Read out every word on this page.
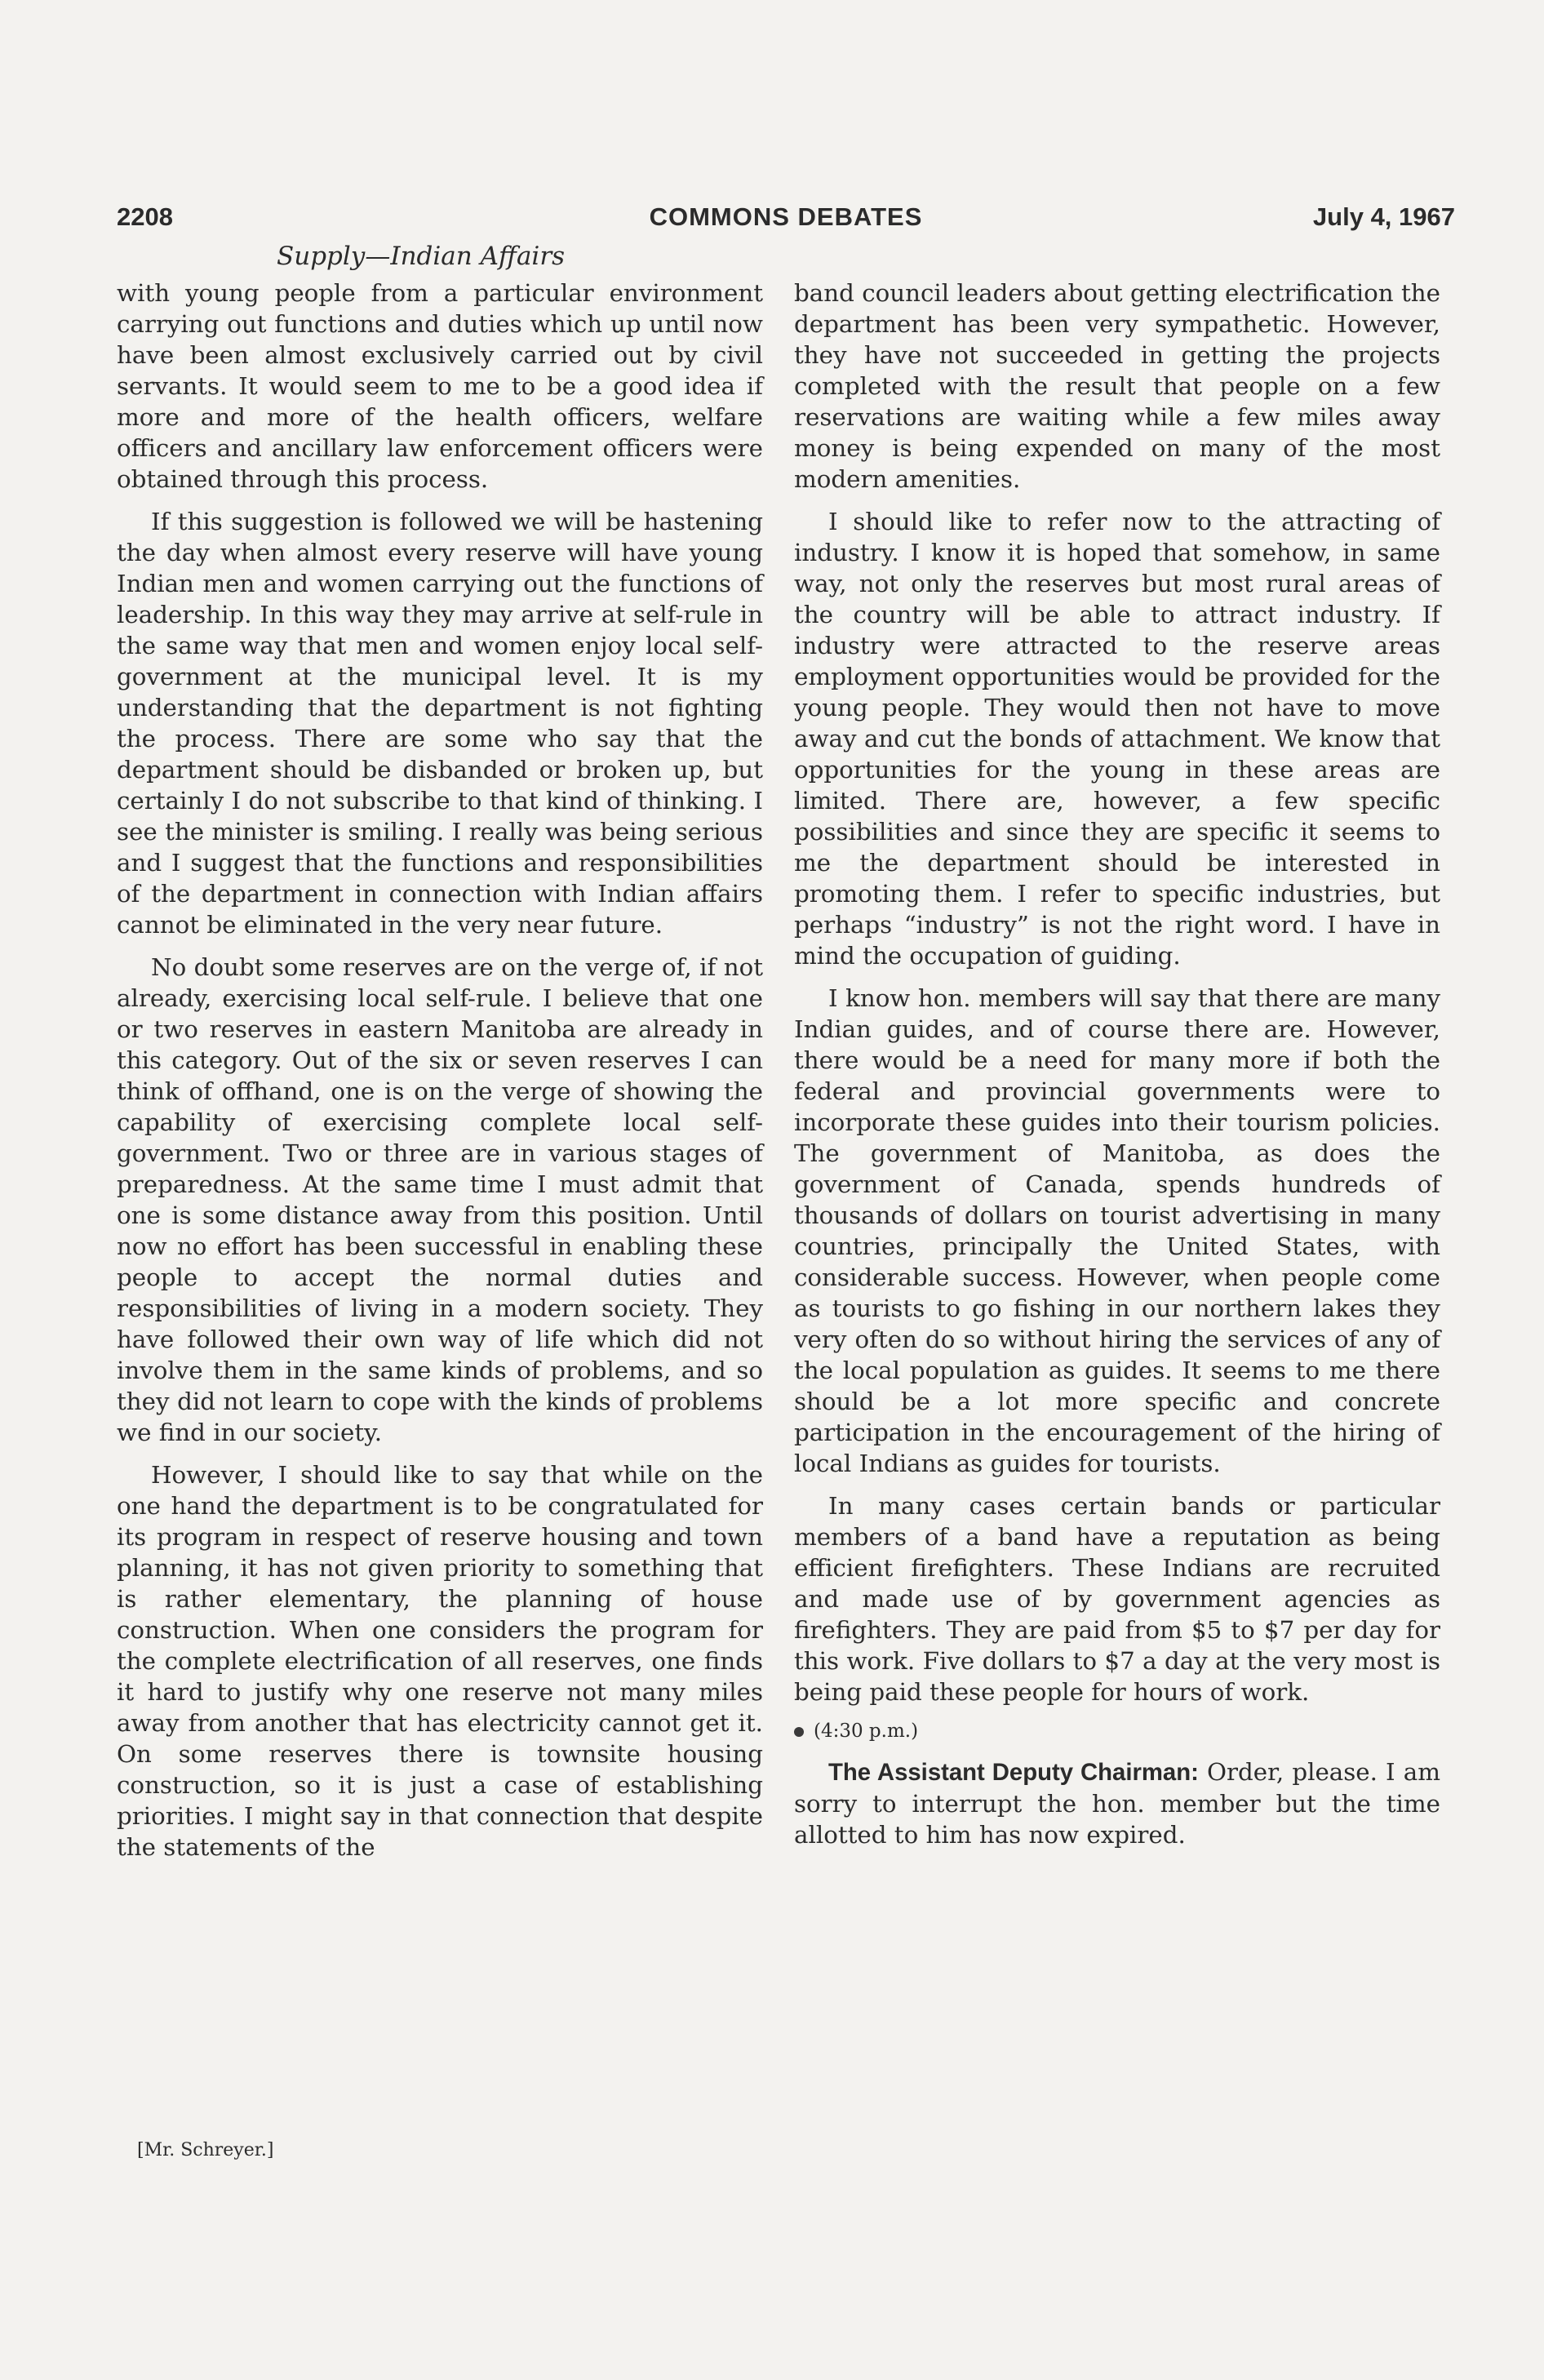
2208	COMMONS DEBATES	July 4, 1967
Supply—Indian Affairs

with young people from a particular environment carrying out functions and duties which up until now have been almost exclusively carried out by civil servants. It would seem to me to be a good idea if more and more of the health officers, welfare officers and ancillary law enforcement officers were obtained through this process.

If this suggestion is followed we will be hastening the day when almost every reserve will have young Indian men and women carrying out the functions of leadership. In this way they may arrive at self-rule in the same way that men and women enjoy local self-government at the municipal level. It is my understanding that the department is not fighting the process. There are some who say that the department should be disbanded or broken up, but certainly I do not subscribe to that kind of thinking. I see the minister is smiling. I really was being serious and I suggest that the functions and responsibilities of the department in connection with Indian affairs cannot be eliminated in the very near future.

No doubt some reserves are on the verge of, if not already, exercising local self-rule. I believe that one or two reserves in eastern Manitoba are already in this category. Out of the six or seven reserves I can think of offhand, one is on the verge of showing the capability of exercising complete local self-government. Two or three are in various stages of preparedness. At the same time I must admit that one is some distance away from this position. Until now no effort has been successful in enabling these people to accept the normal duties and responsibilities of living in a modern society. They have followed their own way of life which did not involve them in the same kinds of problems, and so they did not learn to cope with the kinds of problems we find in our society.

However, I should like to say that while on the one hand the department is to be congratulated for its program in respect of reserve housing and town planning, it has not given priority to something that is rather elementary, the planning of house construction. When one considers the program for the complete electrification of all reserves, one finds it hard to justify why one reserve not many miles away from another that has electricity cannot get it. On some reserves there is townsite housing construction, so it is just a case of establishing priorities. I might say in that connection that despite the statements of the

band council leaders about getting electrification the department has been very sympathetic. However, they have not succeeded in getting the projects completed with the result that people on a few reservations are waiting while a few miles away money is being expended on many of the most modern amenities.

I should like to refer now to the attracting of industry. I know it is hoped that somehow, in same way, not only the reserves but most rural areas of the country will be able to attract industry. If industry were attracted to the reserve areas employment opportunities would be provided for the young people. They would then not have to move away and cut the bonds of attachment. We know that opportunities for the young in these areas are limited. There are, however, a few specific possibilities and since they are specific it seems to me the department should be interested in promoting them. I refer to specific industries, but perhaps “industry” is not the right word. I have in mind the occupation of guiding.

I know hon. members will say that there are many Indian guides, and of course there are. However, there would be a need for many more if both the federal and provincial governments were to incorporate these guides into their tourism policies. The government of Manitoba, as does the government of Canada, spends hundreds of thousands of dollars on tourist advertising in many countries, principally the United States, with considerable success. However, when people come as tourists to go fishing in our northern lakes they very often do so without hiring the services of any of the local population as guides. It seems to me there should be a lot more specific and concrete participation in the encouragement of the hiring of local Indians as guides for tourists.

In many cases certain bands or particular members of a band have a reputation as being efficient firefighters. These Indians are recruited and made use of by government agencies as firefighters. They are paid from $5 to $7 per day for this work. Five dollars to $7 a day at the very most is being paid these people for hours of work.

(4:30 p.m.)

The Assistant Deputy Chairman: Order, please. I am sorry to interrupt the hon. member but the time allotted to him has now expired.

[Mr. Schreyer.]
